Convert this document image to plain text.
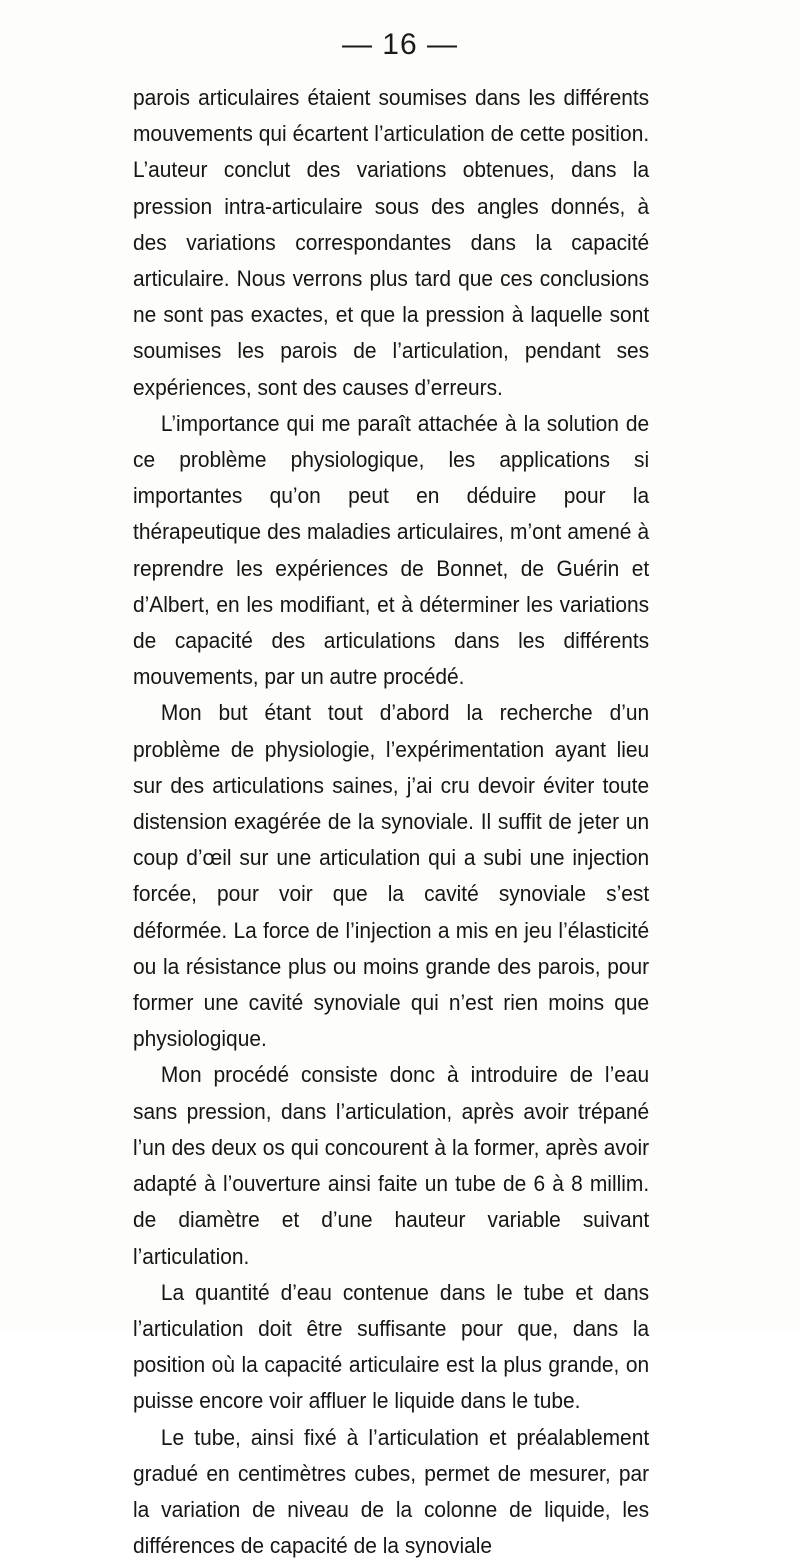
— 16 —

parois articulaires étaient soumises dans les différents mouvements qui écartent l’articulation de cette position. L’auteur conclut des variations obtenues, dans la pression intra-articulaire sous des angles donnés, à des variations correspondantes dans la capacité articulaire. Nous verrons plus tard que ces conclusions ne sont pas exactes, et que la pression à laquelle sont soumises les parois de l’articulation, pendant ses expériences, sont des causes d’erreurs.

L’importance qui me paraît attachée à la solution de ce problème physiologique, les applications si importantes qu’on peut en déduire pour la thérapeutique des maladies articulaires, m’ont amené à reprendre les expériences de Bonnet, de Guérin et d’Albert, en les modifiant, et à déterminer les variations de capacité des articulations dans les différents mouvements, par un autre procédé.

Mon but étant tout d’abord la recherche d’un problème de physiologie, l’expérimentation ayant lieu sur des articulations saines, j’ai cru devoir éviter toute distension exagérée de la synoviale. Il suffit de jeter un coup d’œil sur une articulation qui a subi une injection forcée, pour voir que la cavité synoviale s’est déformée. La force de l’injection a mis en jeu l’élasticité ou la résistance plus ou moins grande des parois, pour former une cavité synoviale qui n’est rien moins que physiologique.

Mon procédé consiste donc à introduire de l’eau sans pression, dans l’articulation, après avoir trépané l’un des deux os qui concourent à la former, après avoir adapté à l’ouverture ainsi faite un tube de 6 à 8 millim. de diamètre et d’une hauteur variable suivant l’articulation.

La quantité d’eau contenue dans le tube et dans l’articulation doit être suffisante pour que, dans la position où la capacité articulaire est la plus grande, on puisse encore voir affluer le liquide dans le tube.

Le tube, ainsi fixé à l’articulation et préalablement gradué en centimètres cubes, permet de mesurer, par la variation de niveau de la colonne de liquide, les différences de capacité de la synoviale
